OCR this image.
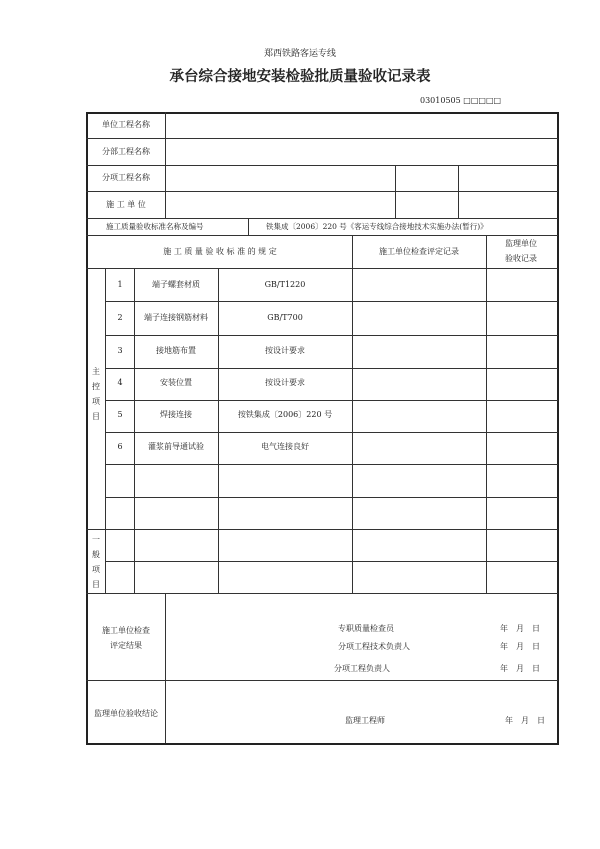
郑西铁路客运专线
承台综合接地安装检验批质量验收记录表
03010505 □□□□□
单位工程名称
分部工程名称
分项工程名称
施 工 单 位
施工质量验收标准名称及编号	铁集成〔2006〕220 号《客运专线综合接地技术实施办法(暂行)》
施 工 质 量 验 收 标 准 的 规 定	施工单位检查评定记录
监理单位
验收记录
主控项目
一般项目
1	端子螺套材质	GB/T1220
2	端子连接钢筋材料	GB/T700
3	接地筋布置	按设计要求
4	安装位置	按设计要求
5	焊接连接	按铁集成〔2006〕220 号
6	灌浆前导通试验	电气连接良好
施工单位检查
评定结果
专职质量检查员	年　月　日
分项工程技术负责人	年　月　日
分项工程负责人	年　月　日
监理单位验收结论
监理工程师	年　月　日
